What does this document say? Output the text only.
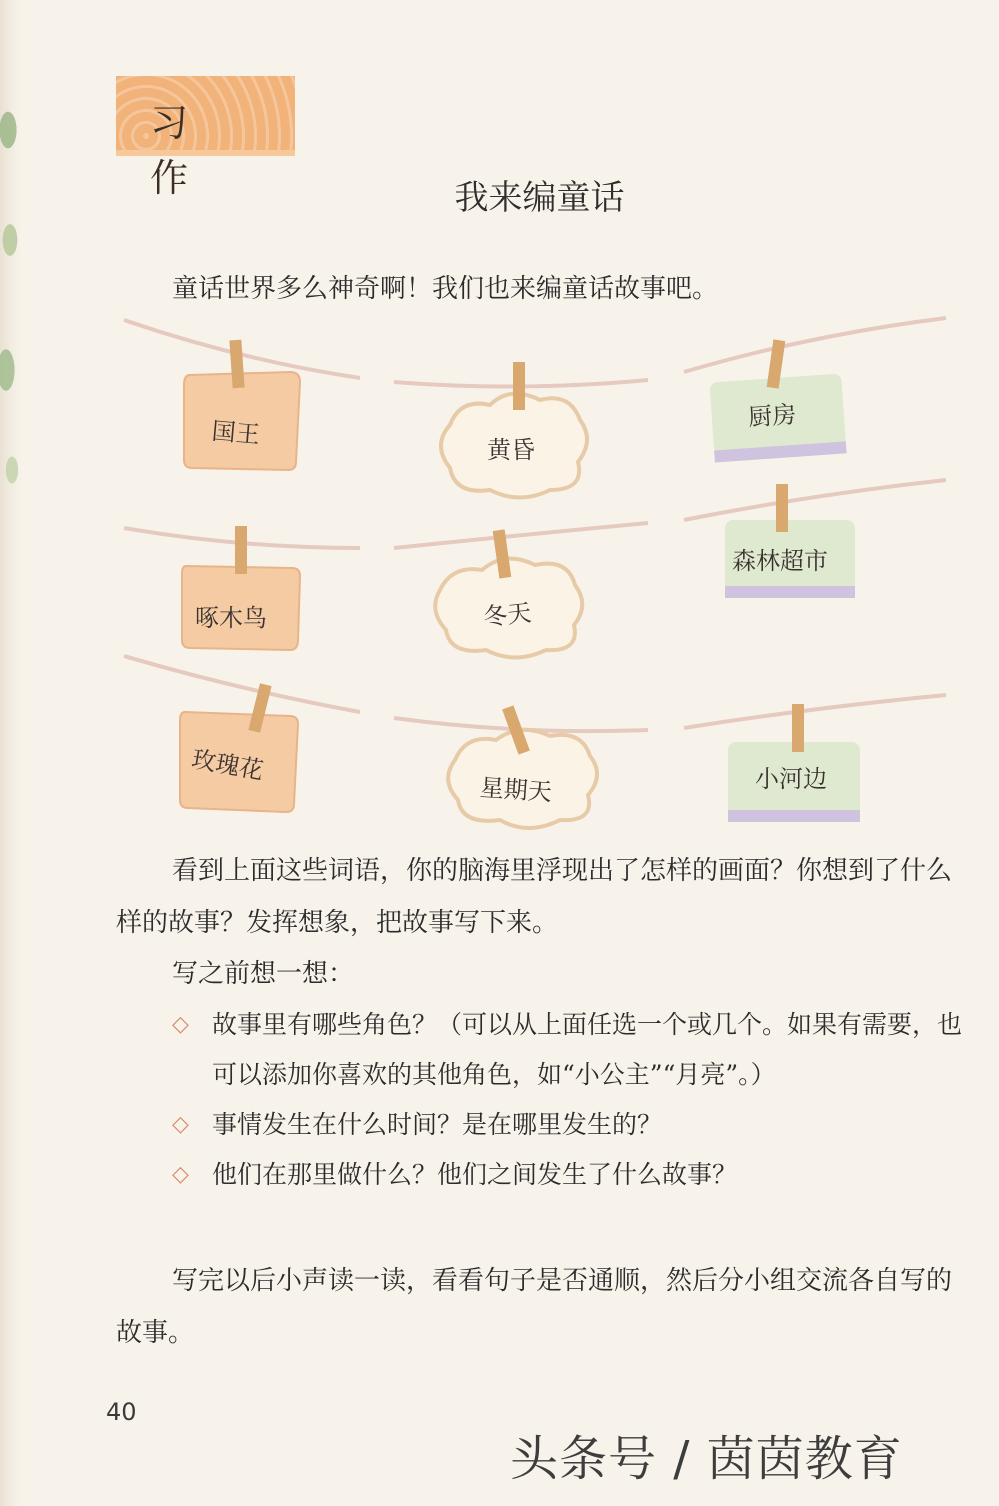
习 作	我来编童话
童话世界多么神奇啊！我们也来编童话故事吧。
国王
黄昏
厨房
啄木鸟	冬天
森林超市
玫瑰花
星期天	小河边
看到上面这些词语，你的脑海里浮现出了怎样的画面？你想到了什么样的故事？发挥想象，把故事写下来。
写之前想一想：
◇ 故事里有哪些角色？（可以从上面任选一个或几个。如果有需要，也可以添加你喜欢的其他角色，如“小公主”“月亮”。）
◇ 事情发生在什么时间？是在哪里发生的？
◇ 他们在那里做什么？他们之间发生了什么故事？
写完以后小声读一读，看看句子是否通顺，然后分小组交流各自写的故事。
40
头条号 / 茵茵教育
